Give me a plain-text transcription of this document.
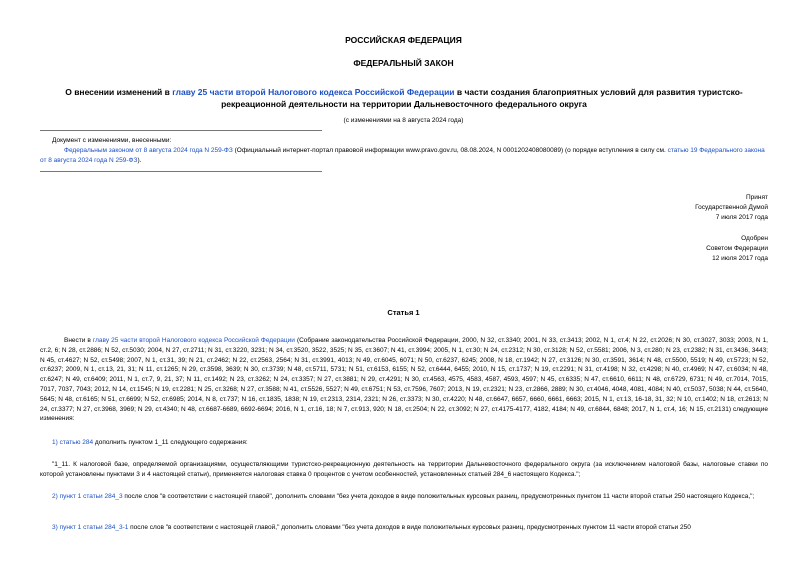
РОССИЙСКАЯ ФЕДЕРАЦИЯ
ФЕДЕРАЛЬНЫЙ ЗАКОН
О внесении изменений в главу 25 части второй Налогового кодекса Российской Федерации в части создания благоприятных условий для развития туристско-рекреационной деятельности на территории Дальневосточного федерального округа
(с изменениями на 8 августа 2024 года)
Документ с изменениями, внесенными:
Федеральным законом от 8 августа 2024 года N 259-ФЗ (Официальный интернет-портал правовой информации www.pravo.gov.ru, 08.08.2024, N 0001202408080089) (о порядке вступления в силу см. статью 19 Федерального закона от 8 августа 2024 года N 259-ФЗ).
Принят
Государственной Думой
7 июля 2017 года
Одобрен
Советом Федерации
12 июля 2017 года
Статья 1
Внести в главу 25 части второй Налогового кодекса Российской Федерации (Собрание законодательства Российской Федерации, 2000, N 32, ст.3340; 2001, N 33, ст.3413; 2002, N 1, ст.4; N 22, ст.2026; N 30, ст.3027, 3033; 2003, N 1, ст.2, 6; N 28, ст.2886; N 52, ст.5030; 2004, N 27, ст.2711; N 31, ст.3220, 3231; N 34, ст.3520, 3522, 3525; N 35, ст.3607; N 41, ст.3994; 2005, N 1, ст.30; N 24, ст.2312; N 30, ст.3128; N 52, ст.5581; 2006, N 3, ст.280; N 23, ст.2382; N 31, ст.3436, 3443; N 45, ст.4627; N 52, ст.5498; 2007, N 1, ст.31, 39; N 21, ст.2462; N 22, ст.2563, 2564; N 31, ст.3991, 4013; N 49, ст.6045, 6071; N 50, ст.6237, 6245; 2008, N 18, ст.1942; N 27, ст.3126; N 30, ст.3591, 3614; N 48, ст.5500, 5519; N 49, ст.5723; N 52, ст.6237; 2009, N 1, ст.13, 21, 31; N 11, ст.1265; N 29, ст.3598, 3639; N 30, ст.3739; N 48, ст.5711, 5731; N 51, ст.6153, 6155; N 52, ст.6444, 6455; 2010, N 15, ст.1737; N 19, ст.2291; N 31, ст.4198; N 32, ст.4298; N 40, ст.4969; N 47, ст.6034; N 48, ст.6247; N 49, ст.6409; 2011, N 1, ст.7, 9, 21, 37; N 11, ст.1492; N 23, ст.3262; N 24, ст.3357; N 27, ст.3881; N 29, ст.4291; N 30, ст.4563, 4575, 4583, 4587, 4593, 4597; N 45, ст.6335; N 47, ст.6610, 6611; N 48, ст.6729, 6731; N 49, ст.7014, 7015, 7017, 7037, 7043; 2012, N 14, ст.1545; N 19, ст.2281; N 25, ст.3268; N 27, ст.3588; N 41, ст.5526, 5527; N 49, ст.6751; N 53, ст.7596, 7607; 2013, N 19, ст.2321; N 23, ст.2866, 2889; N 30, ст.4046, 4048, 4081, 4084; N 40, ст.5037, 5038; N 44, ст.5640, 5645; N 48, ст.6165; N 51, ст.6699; N 52, ст.6985; 2014, N 8, ст.737; N 16, ст.1835, 1838; N 19, ст.2313, 2314, 2321; N 26, ст.3373; N 30, ст.4220; N 48, ст.6647, 6657, 6660, 6661, 6663; 2015, N 1, ст.13, 16-18, 31, 32; N 10, ст.1402; N 18, ст.2613; N 24, ст.3377; N 27, ст.3968, 3969; N 29, ст.4340; N 48, ст.6687-6689, 6692-6694; 2016, N 1, ст.16, 18; N 7, ст.913, 920; N 18, ст.2504; N 22, ст.3092; N 27, ст.4175-4177, 4182, 4184; N 49, ст.6844, 6848; 2017, N 1, ст.4, 16; N 15, ст.2131) следующие изменения:
1) статью 284 дополнить пунктом 1_11 следующего содержания:
"1_11. К налоговой базе, определяемой организациями, осуществляющими туристско-рекреационную деятельность на территории Дальневосточного федерального округа (за исключением налоговой базы, налоговые ставки по которой установлены пунктами 3 и 4 настоящей статьи), применяется налоговая ставка 0 процентов с учетом особенностей, установленных статьей 284_6 настоящего Кодекса.";
2) пункт 1 статьи 284_3 после слов "в соответствии с настоящей главой", дополнить словами "без учета доходов в виде положительных курсовых разниц, предусмотренных пунктом 11 части второй статьи 250 настоящего Кодекса,";
3) пункт 1 статьи 284_3-1 после слов "в соответствии с настоящей главой," дополнить словами "без учета доходов в виде положительных курсовых разниц, предусмотренных пунктом 11 части второй статьи 250
